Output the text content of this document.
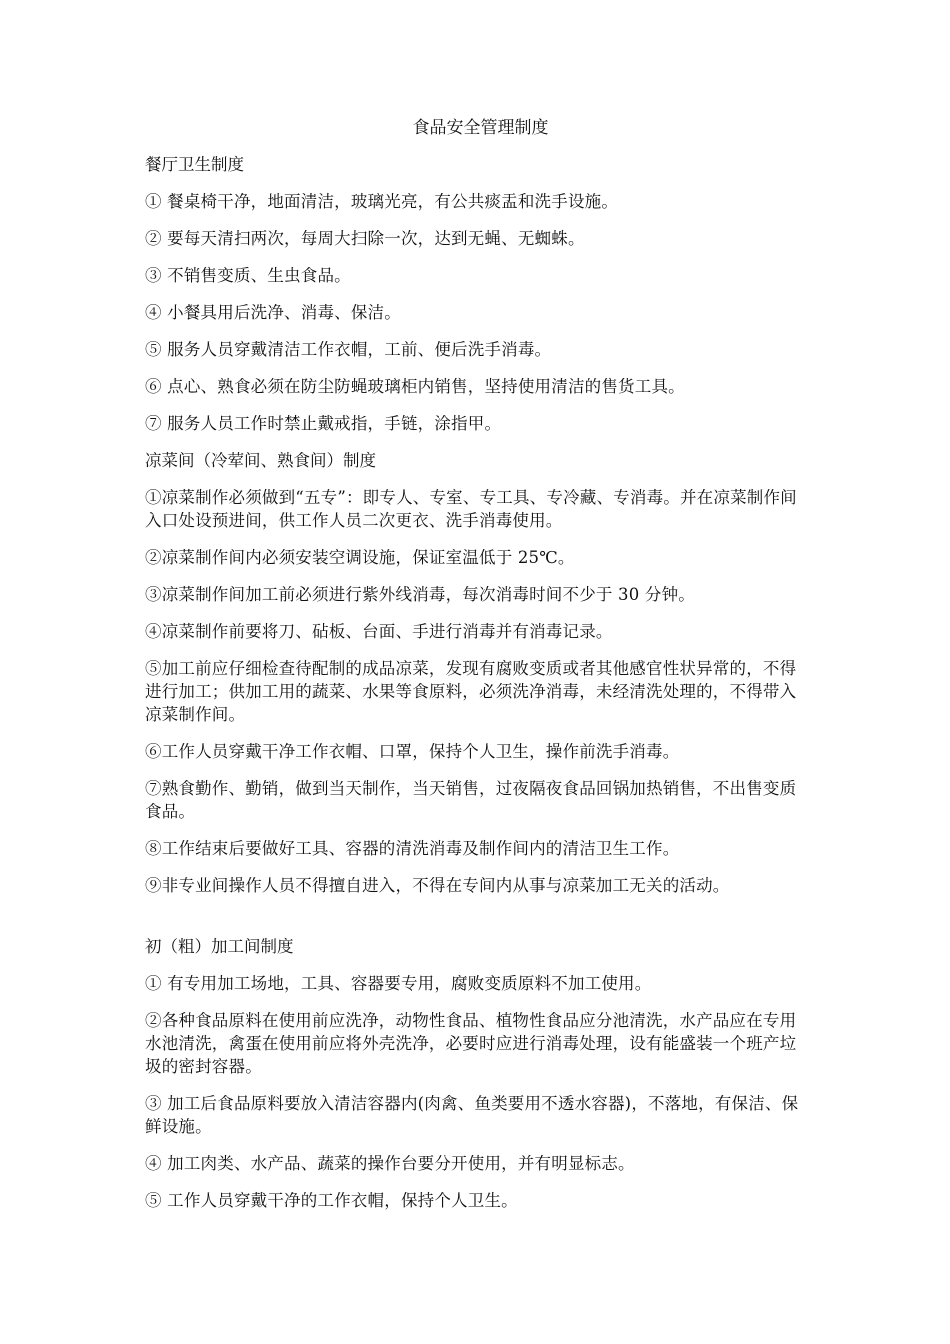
食品安全管理制度
餐厅卫生制度
① 餐桌椅干净，地面清洁，玻璃光亮，有公共痰盂和洗手设施。
② 要每天清扫两次，每周大扫除一次，达到无蝇、无蜘蛛。
③ 不销售变质、生虫食品。
④ 小餐具用后洗净、消毒、保洁。
⑤ 服务人员穿戴清洁工作衣帽，工前、便后洗手消毒。
⑥ 点心、熟食必须在防尘防蝇玻璃柜内销售，坚持使用清洁的售货工具。
⑦ 服务人员工作时禁止戴戒指，手链，涂指甲。
凉菜间（冷荤间、熟食间）制度
①凉菜制作必须做到“五专”：即专人、专室、专工具、专冷藏、专消毒。并在凉菜制作间入口处设预进间，供工作人员二次更衣、洗手消毒使用。
②凉菜制作间内必须安装空调设施，保证室温低于 25℃。
③凉菜制作间加工前必须进行紫外线消毒，每次消毒时间不少于 30 分钟。
④凉菜制作前要将刀、砧板、台面、手进行消毒并有消毒记录。
⑤加工前应仔细检查待配制的成品凉菜，发现有腐败变质或者其他感官性状异常的，不得进行加工；供加工用的蔬菜、水果等食原料，必须洗净消毒，未经清洗处理的，不得带入凉菜制作间。
⑥工作人员穿戴干净工作衣帽、口罩，保持个人卫生，操作前洗手消毒。
⑦熟食勤作、勤销，做到当天制作，当天销售，过夜隔夜食品回锅加热销售，不出售变质食品。
⑧工作结束后要做好工具、容器的清洗消毒及制作间内的清洁卫生工作。
⑨非专业间操作人员不得擅自进入，不得在专间内从事与凉菜加工无关的活动。
初（粗）加工间制度
① 有专用加工场地，工具、容器要专用，腐败变质原料不加工使用。
②各种食品原料在使用前应洗净，动物性食品、植物性食品应分池清洗，水产品应在专用水池清洗，禽蛋在使用前应将外壳洗净，必要时应进行消毒处理，设有能盛装一个班产垃圾的密封容器。
③ 加工后食品原料要放入清洁容器内(肉禽、鱼类要用不透水容器)，不落地，有保洁、保鲜设施。
④ 加工肉类、水产品、蔬菜的操作台要分开使用，并有明显标志。
⑤ 工作人员穿戴干净的工作衣帽，保持个人卫生。
